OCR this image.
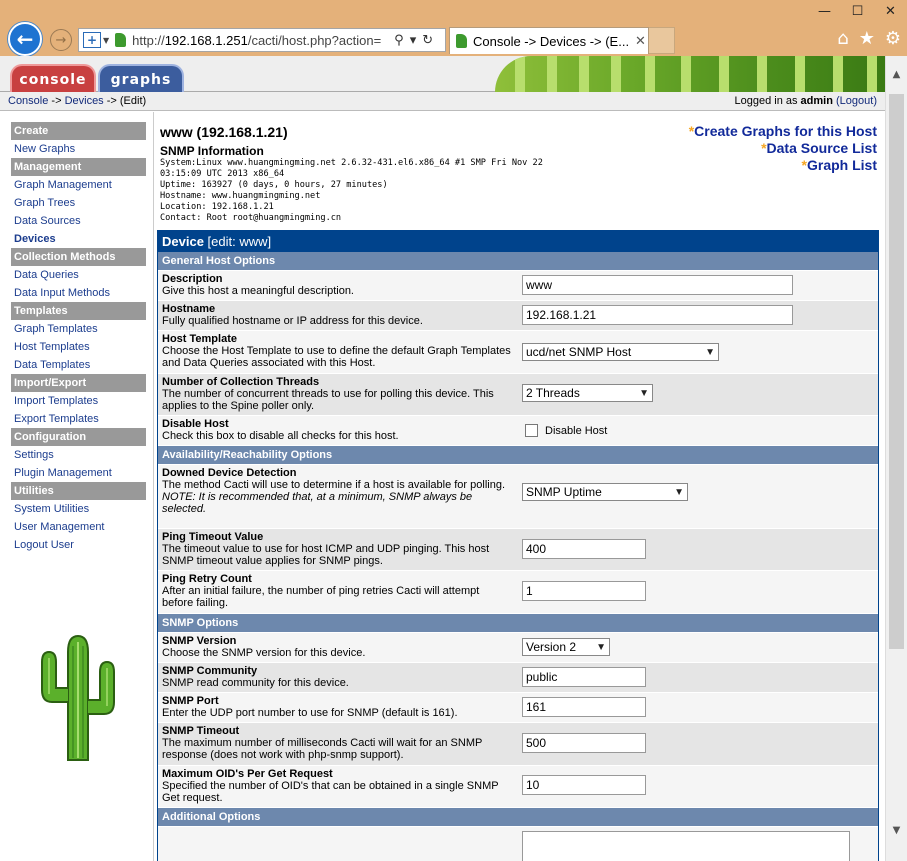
—	☐	✕
← →	+ ▼ http://192.168.1.251/cacti/host.php?action= ⚲ ▾ ↻	Console -> Devices -> (E... ✕	⌂ ★ ⚙
console	graphs
Console -> Devices -> (Edit)	Logged in as admin (Logout)
Create
New Graphs
Management
Graph Management
Graph Trees
Data Sources
Devices
Collection Methods
Data Queries
Data Input Methods
Templates
Graph Templates
Host Templates
Data Templates
Import/Export
Import Templates
Export Templates
Configuration
Settings
Plugin Management
Utilities
System Utilities
User Management
Logout User
www (192.168.1.21)
SNMP Information
System:Linux www.huangmingming.net 2.6.32-431.el6.x86_64 #1 SMP Fri Nov 22
03:15:09 UTC 2013 x86_64
Uptime: 163927 (0 days, 0 hours, 27 minutes)
Hostname: www.huangmingming.net
Location: 192.168.1.21
Contact: Root root@huangmingming.cn
*Create Graphs for this Host
*Data Source List
*Graph List
Device [edit: www]
General Host Options
Description
Give this host a meaningful description.	www
Hostname
Fully qualified hostname or IP address for this device.	192.168.1.21
Host Template
Choose the Host Template to use to define the default Graph Templates and Data Queries associated with this Host.
ucd/net SNMP Host	▼
Number of Collection Threads
The number of concurrent threads to use for polling this device. This applies to the Spine poller only.
2 Threads	▼
Disable Host
Check this box to disable all checks for this host.	Disable Host
Availability/Reachability Options
Downed Device Detection
The method Cacti will use to determine if a host is available for polling.
NOTE: It is recommended that, at a minimum, SNMP always be selected.
SNMP Uptime	▼
Ping Timeout Value
The timeout value to use for host ICMP and UDP pinging. This host SNMP timeout value applies for SNMP pings.
400
Ping Retry Count
After an initial failure, the number of ping retries Cacti will attempt before failing.
1
SNMP Options
SNMP Version
Choose the SNMP version for this device.	Version 2 ▼
SNMP Community
SNMP read community for this device.	public
SNMP Port
Enter the UDP port number to use for SNMP (default is 161).	161
SNMP Timeout
The maximum number of milliseconds Cacti will wait for an SNMP response (does not work with php-snmp support).
500
Maximum OID's Per Get Request
Specified the number of OID's that can be obtained in a single SNMP Get request.
10
Additional Options
▲
▼
